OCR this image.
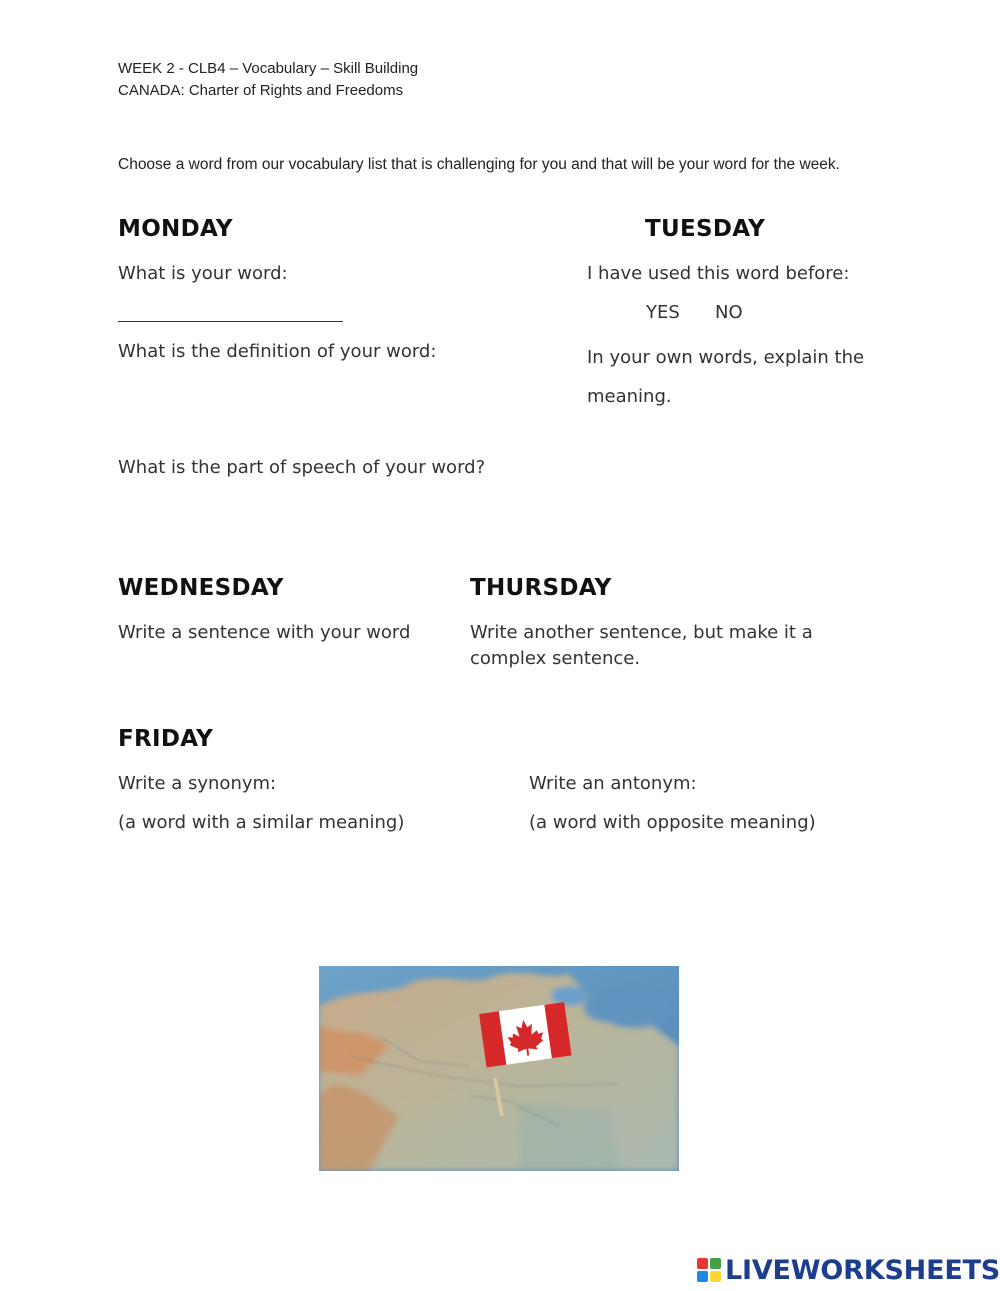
WEEK 2 - CLB4 – Vocabulary – Skill Building
CANADA: Charter of Rights and Freedoms
Choose a word from our vocabulary list that is challenging for you and that will be your word for the week.
MONDAY
What is your word:
What is the definition of your word:
What is the part of speech of your word?
TUESDAY
I have used this word before:
YES NO
In your own words, explain the meaning.
WEDNESDAY
Write a sentence with your word
THURSDAY
Write another sentence, but make it a complex sentence.
FRIDAY
Write a synonym:
(a word with a similar meaning)
Write an antonym:
(a word with opposite meaning)
LIVEWORKSHEETS
